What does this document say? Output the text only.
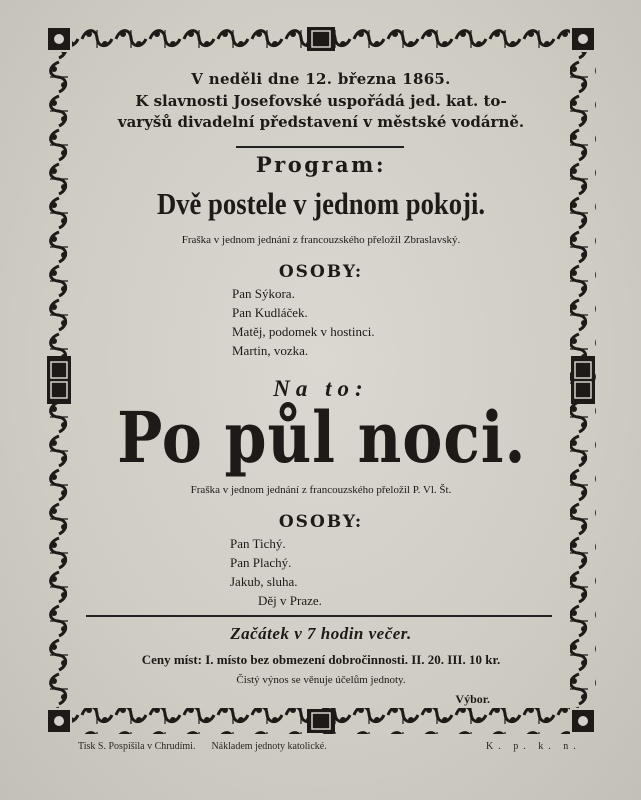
V neděli dne 12. března 1865.
K slavnosti Josefovské uspořádá jed. kat. to-
varyšů divadelní představení v městské vodárně.
Program:
Dvě postele v jednom pokoji.
Fraška v jednom jednání z francouzského přeložil Zbraslavský.
OSOBY:
Pan Sýkora.
Pan Kudláček.
Matěj, podomek v hostinci.
Martin, vozka.
Na to:
Po půl noci.
Fraška v jednom jednání z francouzského přeložil P. Vl. Št.
OSOBY:
Pan Tichý.
Pan Plachý.
Jakub, sluha.
Děj v Praze.
Začátek v 7 hodin večer.
Ceny míst: I. místo bez obmezení dobročinnosti. II. 20. III. 10 kr.
Čistý výnos se věnuje účelům jednoty.
Výbor.
Tisk S. Pospíšila v Chrudími. Nákladem jednoty katolické.	K. p. k. n.
